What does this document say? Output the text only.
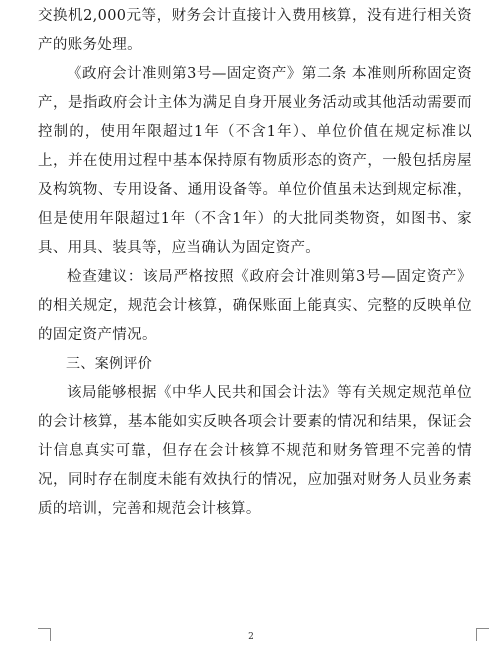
交换机2,000元等，财务会计直接计入费用核算，没有进行相关资产的账务处理。

《政府会计准则第3号—固定资产》第二条 本准则所称固定资产，是指政府会计主体为满足自身开展业务活动或其他活动需要而控制的，使用年限超过1年（不含1年）、单位价值在规定标准以上，并在使用过程中基本保持原有物质形态的资产，一般包括房屋及构筑物、专用设备、通用设备等。单位价值虽未达到规定标准，但是使用年限超过1年（不含1年）的大批同类物资，如图书、家具、用具、装具等，应当确认为固定资产。

检查建议：该局严格按照《政府会计准则第3号—固定资产》的相关规定，规范会计核算，确保账面上能真实、完整的反映单位的固定资产情况。

三、案例评价

该局能够根据《中华人民共和国会计法》等有关规定规范单位的会计核算，基本能如实反映各项会计要素的情况和结果，保证会计信息真实可靠，但存在会计核算不规范和财务管理不完善的情况，同时存在制度未能有效执行的情况，应加强对财务人员业务素质的培训，完善和规范会计核算。

2
